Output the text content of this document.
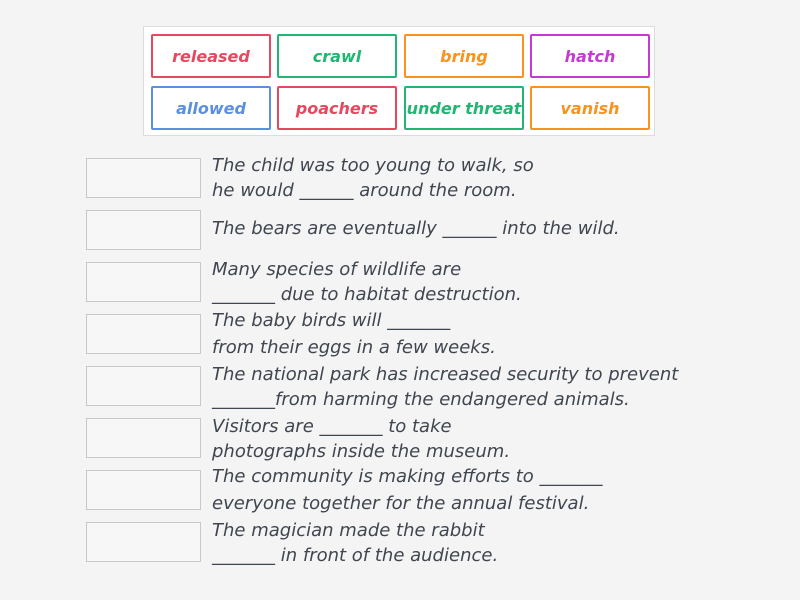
released	crawl	bring	hatch
allowed	poachers	under threat	vanish
The child was too young to walk, so
he would ______ around the room.
The bears are eventually ______ into the wild.
Many species of wildlife are
_______ due to habitat destruction.
The baby birds will _______
from their eggs in a few weeks.
The national park has increased security to prevent
_______from harming the endangered animals.
Visitors are _______ to take
photographs inside the museum.
The community is making efforts to _______
everyone together for the annual festival.
The magician made the rabbit
_______ in front of the audience.
